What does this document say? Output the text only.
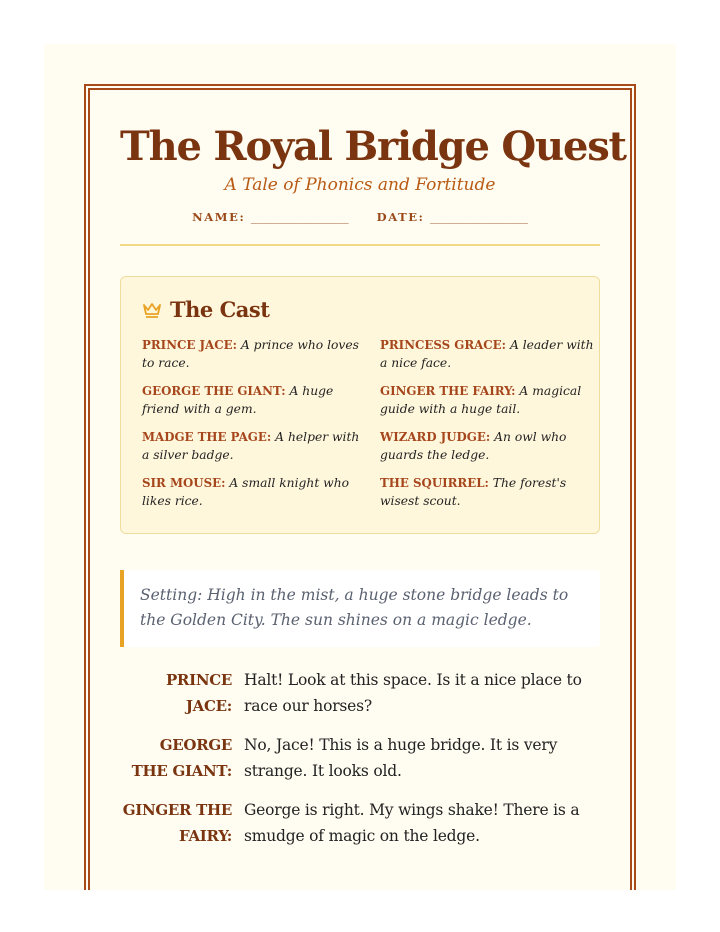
The Royal Bridge Quest
A Tale of Phonics and Fortitude
NAME: _________________ DATE: _________________
The Cast
PRINCE JACE: A prince who loves to race.
PRINCESS GRACE: A leader with a nice face.
GEORGE THE GIANT: A huge friend with a gem.
GINGER THE FAIRY: A magical guide with a huge tail.
MADGE THE PAGE: A helper with a silver badge.
WIZARD JUDGE: An owl who guards the ledge.
SIR MOUSE: A small knight who likes rice.
THE SQUIRREL: The forest's wisest scout.
Setting: High in the mist, a huge stone bridge leads to the Golden City. The sun shines on a magic ledge.
PRINCE JACE:
Halt! Look at this space. Is it a nice place to race our horses?
GEORGE THE GIANT:
No, Jace! This is a huge bridge. It is very strange. It looks old.
GINGER THE FAIRY:
George is right. My wings shake! There is a smudge of magic on the ledge.
